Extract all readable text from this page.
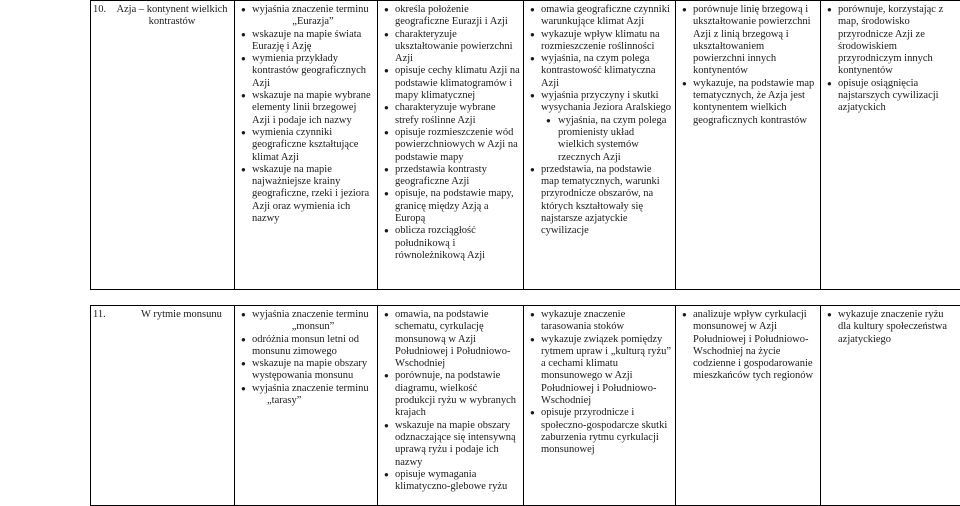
10. Azja – kontynent wielkich kontrastów
● wyjaśnia znaczenie terminu
„Eurazja”
● wskazuje na mapie świata Eurazję i Azję
● wymienia przykłady kontrastów geograficznych Azji
● wskazuje na mapie wybrane elementy linii brzegowej Azji i podaje ich nazwy
● wymienia czynniki geograficzne kształtujące klimat Azji
● wskazuje na mapie najważniejsze krainy geograficzne, rzeki i jeziora Azji oraz wymienia ich nazwy
● określa położenie geograficzne Eurazji i Azji
● charakteryzuje ukształtowanie powierzchni Azji
● opisuje cechy klimatu Azji na podstawie klimatogramów i mapy klimatycznej
● charakteryzuje wybrane strefy roślinne Azji
● opisuje rozmieszczenie wód powierzchniowych w Azji na podstawie mapy
● przedstawia kontrasty geograficzne Azji
● opisuje, na podstawie mapy, granicę między Azją a Europą
● oblicza rozciągłość południkową i równoleżnikową Azji
● omawia geograficzne czynniki warunkujące klimat Azji
● wykazuje wpływ klimatu na rozmieszczenie roślinności
● wyjaśnia, na czym polega kontrastowość klimatyczna Azji
● wyjaśnia przyczyny i skutki wysychania Jeziora Aralskiego
● wyjaśnia, na czym polega promienisty układ wielkich systemów rzecznych Azji
● przedstawia, na podstawie map tematycznych, warunki przyrodnicze obszarów, na których kształtowały się najstarsze azjatyckie cywilizacje
● porównuje linię brzegową i ukształtowanie powierzchni Azji z linią brzegową i ukształtowaniem powierzchni innych kontynentów
● wykazuje, na podstawie map tematycznych, że Azja jest kontynentem wielkich geograficznych kontrastów
● porównuje, korzystając z map, środowisko przyrodnicze Azji ze środowiskiem przyrodniczym innych kontynentów
● opisuje osiągnięcia najstarszych cywilizacji azjatyckich
11.	W rytmie monsunu
●	wyjaśnia znaczenie terminu
„monsun”
● odróżnia monsun letni od monsunu zimowego
● wskazuje na mapie obszary występowania monsunu
● wyjaśnia znaczenie terminu
„tarasy”
● omawia, na podstawie schematu, cyrkulację monsunową w Azji Południowej i Południowo-Wschodniej
● porównuje, na podstawie diagramu, wielkość produkcji ryżu w wybranych krajach
● wskazuje na mapie obszary odznaczające się intensywną uprawą ryżu i podaje ich nazwy
● opisuje wymagania klimatyczno-glebowe ryżu
● wykazuje znaczenie tarasowania stoków
● wykazuje związek pomiędzy rytmem upraw i „kulturą ryżu” a cechami klimatu monsunowego w Azji Południowej i Południowo-Wschodniej
● opisuje przyrodnicze i społeczno-gospodarcze skutki zaburzenia rytmu cyrkulacji monsunowej
● analizuje wpływ cyrkulacji monsunowej w Azji Południowej i Południowo-Wschodniej na życie codzienne i gospodarowanie mieszkańców tych regionów
● wykazuje znaczenie ryżu dla kultury społeczeństwa azjatyckiego
